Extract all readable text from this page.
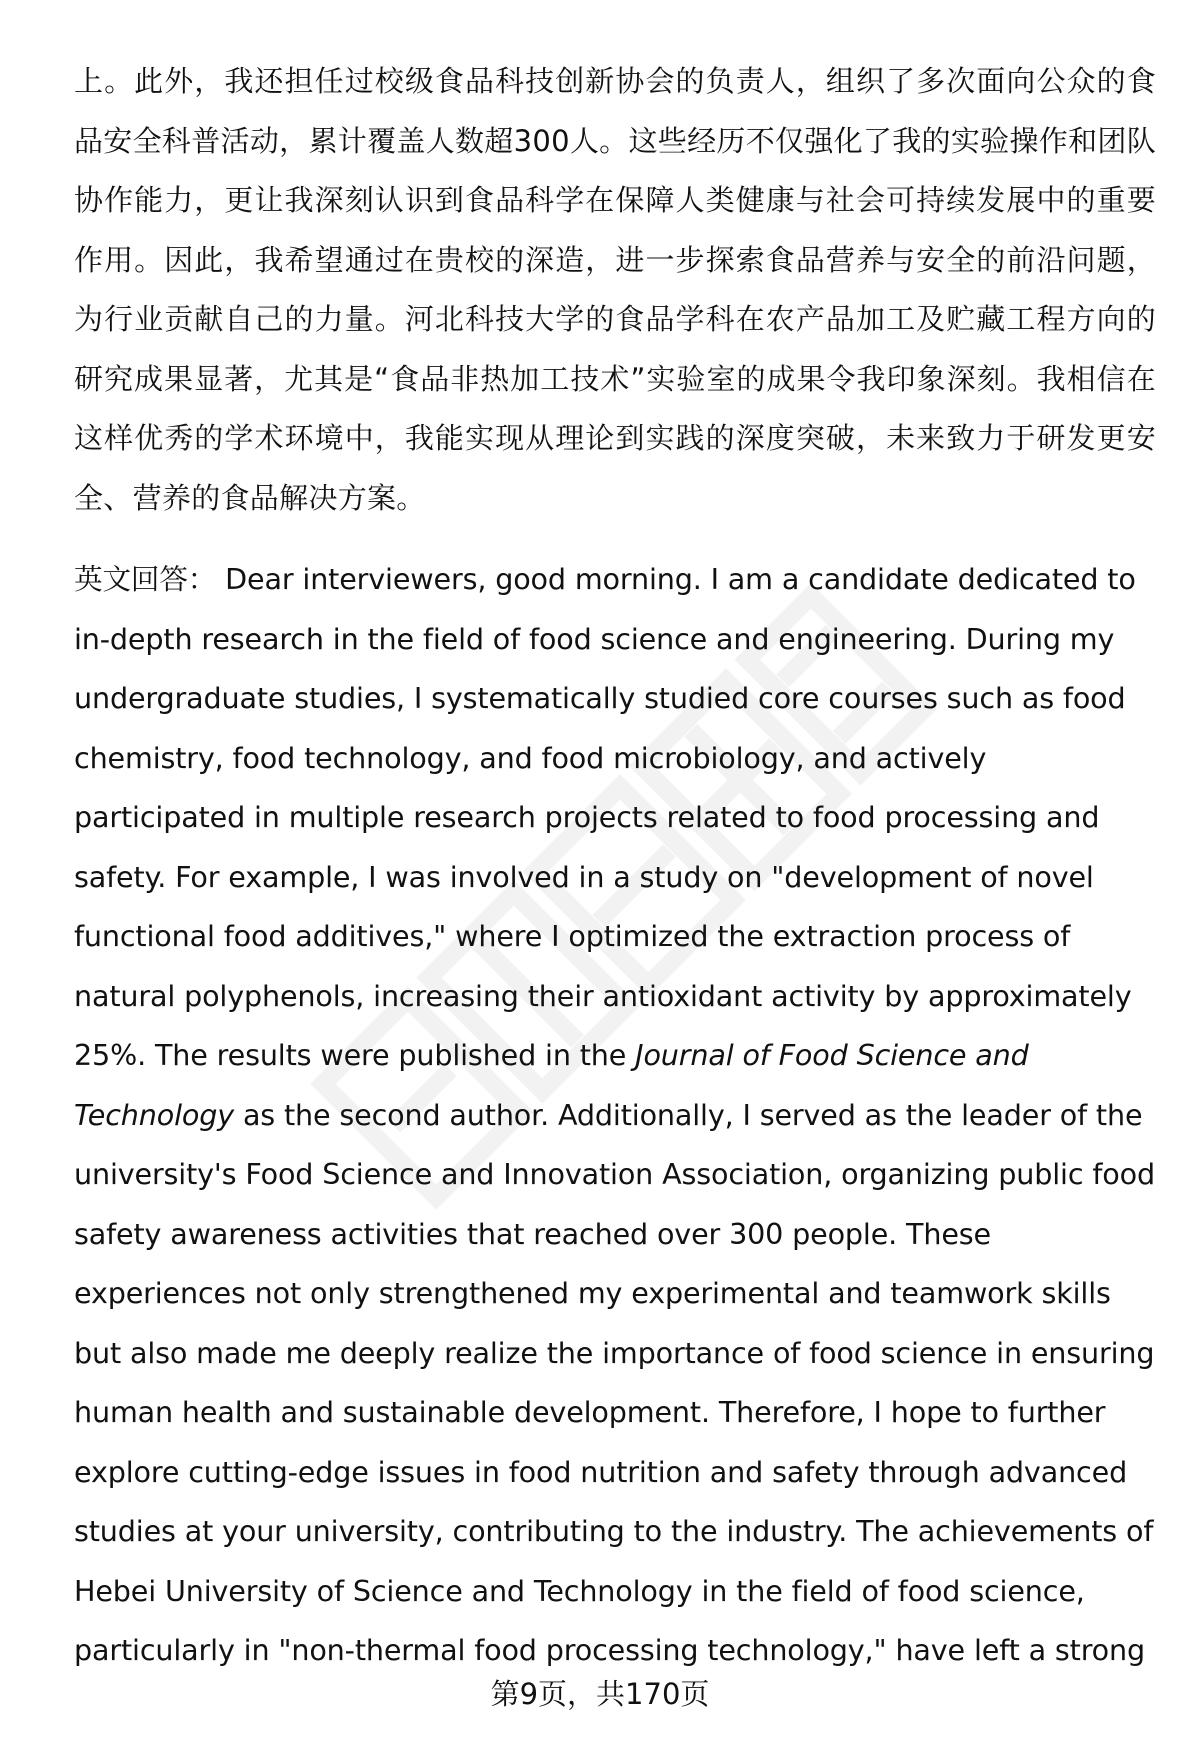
上。此外，我还担任过校级食品科技创新协会的负责人，组织了多次面向公众的食品安全科普活动，累计覆盖人数超300人。这些经历不仅强化了我的实验操作和团队协作能力，更让我深刻认识到食品科学在保障人类健康与社会可持续发展中的重要作用。因此，我希望通过在贵校的深造，进一步探索食品营养与安全的前沿问题，为行业贡献自己的力量。河北科技大学的食品学科在农产品加工及贮藏工程方向的研究成果显著，尤其是“食品非热加工技术”实验室的成果令我印象深刻。我相信在这样优秀的学术环境中，我能实现从理论到实践的深度突破，未来致力于研发更安全、营养的食品解决方案。

英文回答： Dear interviewers, good morning. I am a candidate dedicated to in-depth research in the field of food science and engineering. During my undergraduate studies, I systematically studied core courses such as food chemistry, food technology, and food microbiology, and actively participated in multiple research projects related to food processing and safety. For example, I was involved in a study on "development of novel functional food additives," where I optimized the extraction process of natural polyphenols, increasing their antioxidant activity by approximately 25%. The results were published in the Journal of Food Science and Technology as the second author. Additionally, I served as the leader of the university's Food Science and Innovation Association, organizing public food safety awareness activities that reached over 300 people. These experiences not only strengthened my experimental and teamwork skills but also made me deeply realize the importance of food science in ensuring human health and sustainable development. Therefore, I hope to further explore cutting-edge issues in food nutrition and safety through advanced studies at your university, contributing to the industry. The achievements of Hebei University of Science and Technology in the field of food science, particularly in "non-thermal food processing technology," have left a strong

第9页，共170页
